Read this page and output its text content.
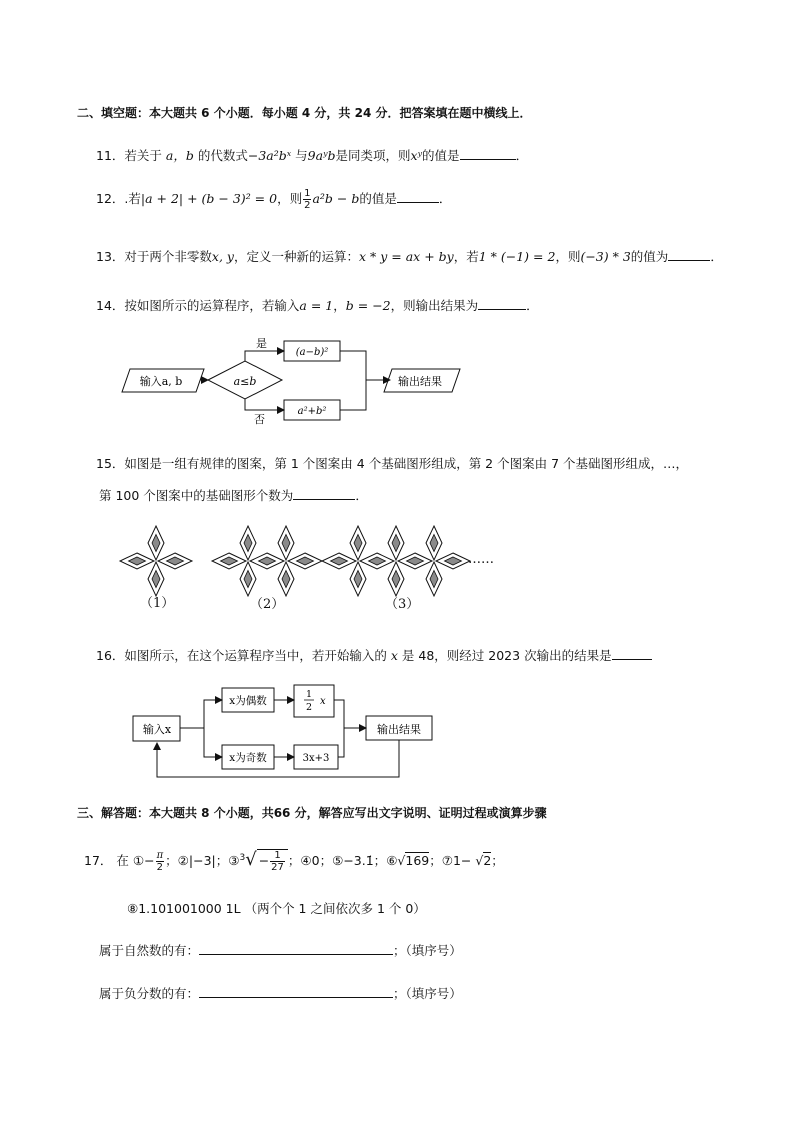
二、填空题：本大题共 6 个小题．每小题 4 分，共 24 分．把答案填在题中横线上．
11．若关于 a，b 的代数式−3a²bˣ 与9aʸb是同类项，则xʸ的值是	．
12．.若|a + 2| + (b − 3)² = 0，则 $\frac{1}{2} a^2b - b$的值是	．
13．对于两个非零数x, y，定义一种新的运算：x * y = ax + by，若1 * (−1) = 2，则(−3) * 3的值为	．
14．按如图所示的运算程序，若输入a = 1，b = −2，则输出结果为	．
输入a, b	a≤b
是
(a−b)²
否
a²+b²
输出结果
输入x
x为偶数
x为奇数
1
2
x
3x+3
输出结果
15．如图是一组有规律的图案，第 1 个图案由 4 个基础图形组成，第 2 个图案由 7 个基础图形组成，…，
第 100 个图案中的基础图形个数为	．
（1）	（2）	（3）
……
16．如图所示，在这个运算程序当中，若开始输入的 x 是 48，则经过 2023 次输出的结果是
三、解答题：本大题共 8 个小题，共66 分，解答应写出文字说明、证明过程或演算步骤
17． 在 ①− $\frac{\pi}{2}$ ；②|−3|；③$^3$√ − $\frac{1}{27}$ ；④0；⑤−3.1̇；⑥√169；⑦1− √2；
⑧1.101001000 1L （两个个 1 之间依次多 1 个 0）
属于自然数的有：	；（填序号）
属于负分数的有：	；（填序号）
